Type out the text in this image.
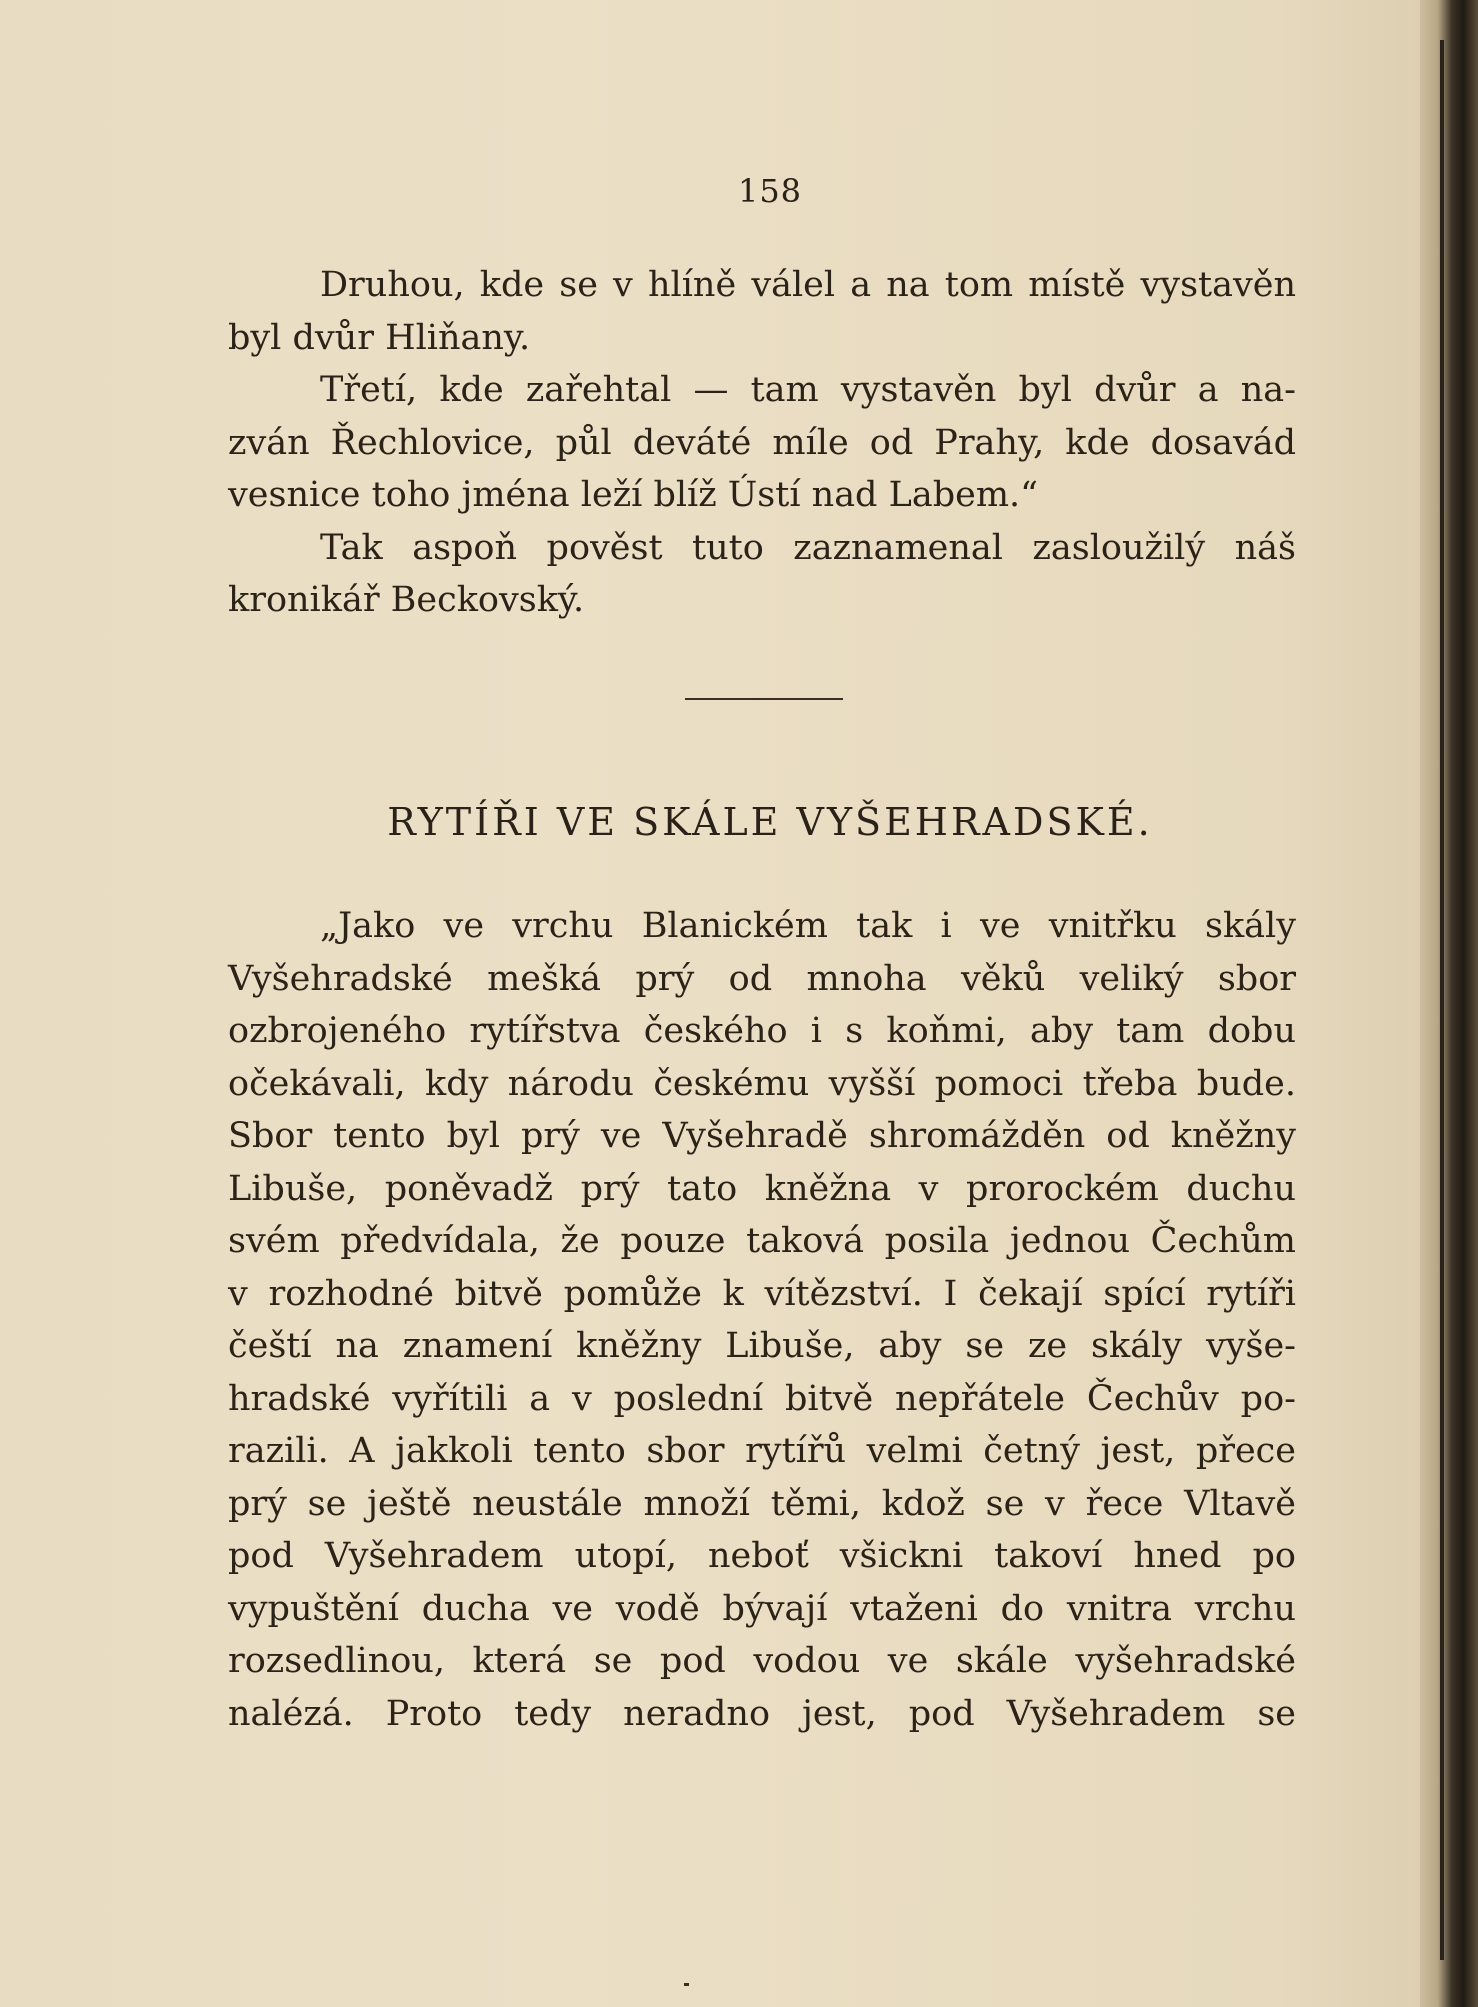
158
Druhou, kde se v hlíně válel a na tom místě vystavěn
byl dvůr Hliňany.
Třetí, kde zařehtal — tam vystavěn byl dvůr a na-
zván Řechlovice, půl deváté míle od Prahy, kde dosavád
vesnice toho jména leží blíž Ústí nad Labem.“
Tak aspoň pověst tuto zaznamenal zasloužilý náš
kronikář Beckovský.
RYTÍŘI VE SKÁLE VYŠEHRADSKÉ.
„Jako ve vrchu Blanickém tak i ve vnitřku skály
Vyšehradské mešká prý od mnoha věků veliký sbor
ozbrojeného rytířstva českého i s koňmi, aby tam dobu
očekávali, kdy národu českému vyšší pomoci třeba bude.
Sbor tento byl prý ve Vyšehradě shromážděn od kněžny
Libuše, poněvadž prý tato kněžna v prorockém duchu
svém předvídala, že pouze taková posila jednou Čechům
v rozhodné bitvě pomůže k vítězství. I čekají spící rytíři
čeští na znamení kněžny Libuše, aby se ze skály vyše-
hradské vyřítili a v poslední bitvě nepřátele Čechův po-
razili. A jakkoli tento sbor rytířů velmi četný jest, přece
prý se ještě neustále množí těmi, kdož se v řece Vltavě
pod Vyšehradem utopí, neboť všickni takoví hned po
vypuštění ducha ve vodě bývají vtaženi do vnitra vrchu
rozsedlinou, která se pod vodou ve skále vyšehradské
nalézá. Proto tedy neradno jest, pod Vyšehradem se
